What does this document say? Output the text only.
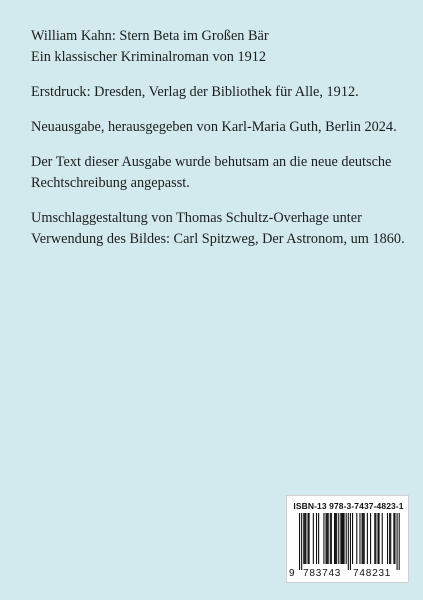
William Kahn: Stern Beta im Großen Bär

Ein klassischer Kriminalroman von 1912

Erstdruck: Dresden, Verlag der Bibliothek für Alle, 1912.

Neuausgabe, herausgegeben von Karl-Maria Guth, Berlin 2024.

Der Text dieser Ausgabe wurde behutsam an die neue deutsche

Rechtschreibung angepasst.

Umschlaggestaltung von Thomas Schultz-Overhage unter

Verwendung des Bildes: Carl Spitzweg, Der Astronom, um 1860.

ISBN-13 978-3-7437-4823-1
9 783743 748231
